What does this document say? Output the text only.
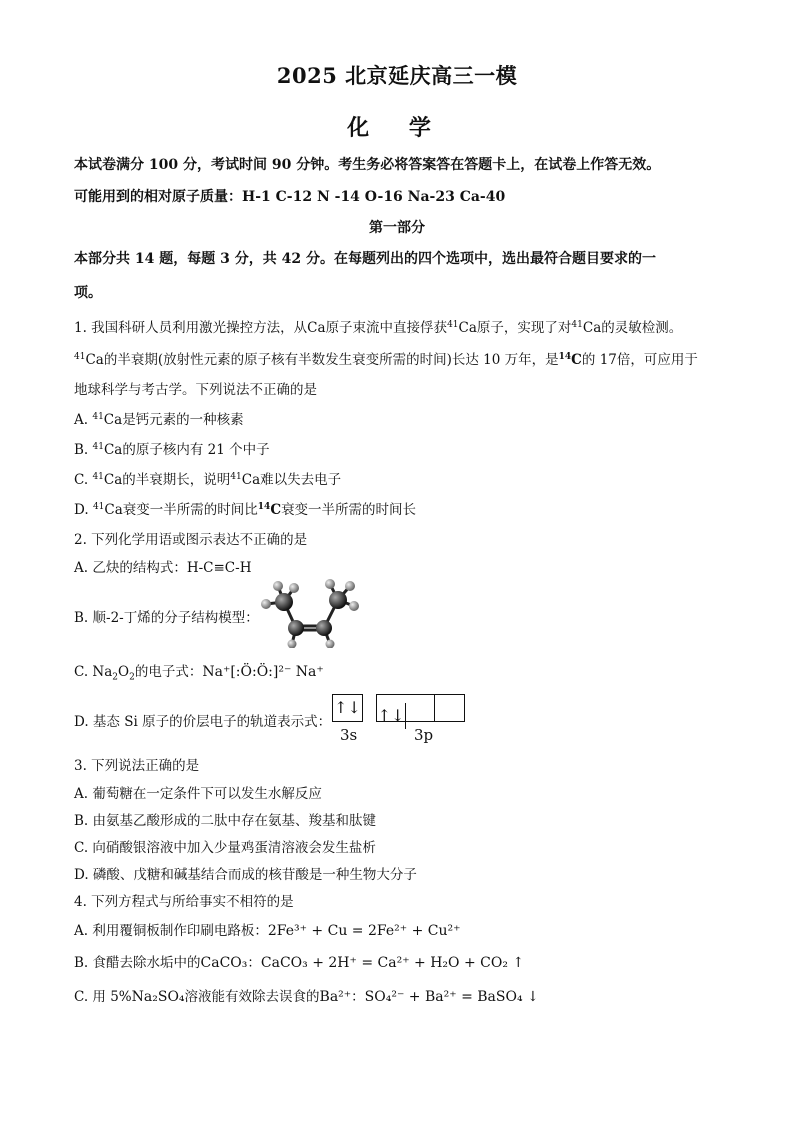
2025 北京延庆高三一模
化 学
本试卷满分 100 分，考试时间 90 分钟。考生务必将答案答在答题卡上，在试卷上作答无效。
可能用到的相对原子质量：H-1 C-12 N -14 O-16 Na-23 Ca-40
第一部分
本部分共 14 题，每题 3 分，共 42 分。在每题列出的四个选项中，选出最符合题目要求的一
项。
1. 我国科研人员利用激光操控方法，从Ca原子束流中直接俘获$^{41}$Ca原子，实现了对$^{41}$Ca的灵敏检测。
$^{41}$Ca的半衰期(放射性元素的原子核有半数发生衰变所需的时间)长达 10 万年，是$^{14}$C的 17倍，可应用于
地球科学与考古学。下列说法不正确的是
A. $^{41}$Ca是钙元素的一种核素
B. $^{41}$Ca的原子核内有 21 个中子
C. $^{41}$Ca的半衰期长，说明$^{41}$Ca难以失去电子
D. $^{41}$Ca衰变一半所需的时间比$^{14}$C衰变一半所需的时间长
2. 下列化学用语或图示表达不正确的是
A. 乙炔的结构式：H-C≡C-H
B. 顺-2-丁烯的分子结构模型：
C. $Na_2O_2$的电子式：Na⁺[:Ö:Ö:]²⁻ Na⁺
D. 基态 Si 原子的价层电子的轨道表示式：
↑↓ ↑↓
3s	3p
3. 下列说法正确的是
A. 葡萄糖在一定条件下可以发生水解反应
B. 由氨基乙酸形成的二肽中存在氨基、羧基和肽键
C. 向硝酸银溶液中加入少量鸡蛋清溶液会发生盐析
D. 磷酸、戊糖和碱基结合而成的核苷酸是一种生物大分子
4. 下列方程式与所给事实不相符的是
A. 利用覆铜板制作印刷电路板：2Fe³⁺ + Cu = 2Fe²⁺ + Cu²⁺
B. 食醋去除水垢中的CaCO₃：CaCO₃ + 2H⁺ = Ca²⁺ + H₂O + CO₂ ↑
C. 用 5%Na₂SO₄溶液能有效除去误食的Ba²⁺：SO₄²⁻ + Ba²⁺ = BaSO₄ ↓
